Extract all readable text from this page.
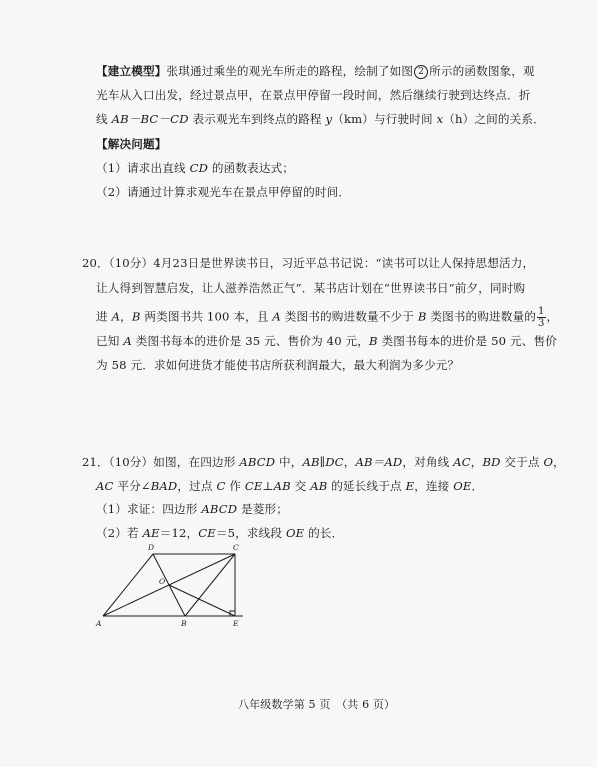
【建立模型】张琪通过乘坐的观光车所走的路程，绘制了如图 2 所示的函数图象，观
光车从入口出发，经过景点甲，在景点甲停留一段时间，然后继续行驶到达终点．折
线 AB－BC－CD 表示观光车到终点的路程 y（km）与行驶时间 x（h）之间的关系．
【解决问题】
（1）请求出直线 CD 的函数表达式；
（2）请通过计算求观光车在景点甲停留的时间．
20．（10分）4月23日是世界读书日，习近平总书记说：“读书可以让人保持思想活力，
让人得到智慧启发，让人滋养浩然正气”．某书店计划在“世界读书日”前夕，同时购
进 A，B 两类图书共 100 本，且 A 类图书的购进数量不少于 B 类图书的购进数量的 $\frac{1}{3}$ ，
已知 A 类图书每本的进价是 35 元、售价为 40 元，B 类图书每本的进价是 50 元、售价
为 58 元．求如何进货才能使书店所获利润最大，最大利润为多少元？
21．（10分）如图，在四边形 ABCD 中，AB∥DC，AB＝AD，对角线 AC，BD 交于点 O，
AC 平分∠BAD，过点 C 作 CE⊥AB 交 AB 的延长线于点 E，连接 OE．
（1）求证：四边形 ABCD 是菱形；
（2）若 AE＝12，CE＝5，求线段 OE 的长．
A	B
C
D
E
O
八年级数学第 5 页　（共 6 页）
